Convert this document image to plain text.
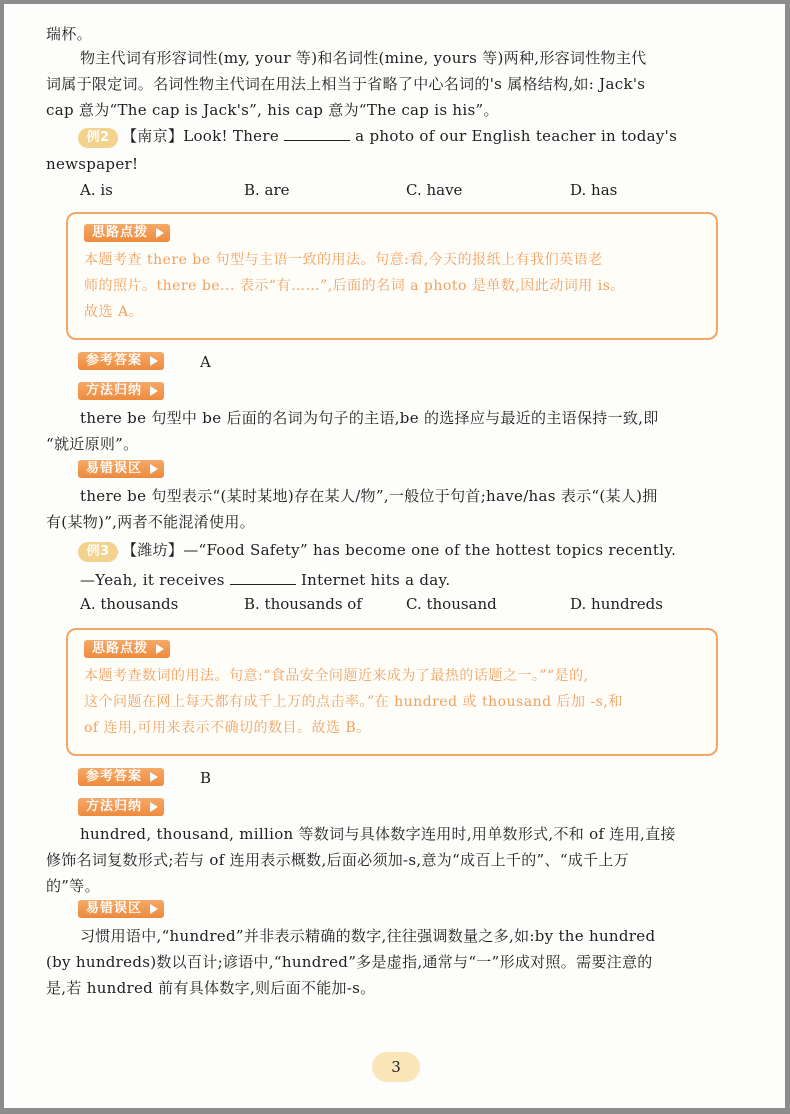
瑞杯。
物主代词有形容词性(my, your 等)和名词性(mine, yours 等)两种,形容词性物主代
词属于限定词。名词性物主代词在用法上相当于省略了中心名词的's 属格结构,如: Jack's
cap 意为“The cap is Jack's”, his cap 意为“The cap is his”。
例2 【南京】Look! There	a photo of our English teacher in today's
newspaper!
A. is	B. are	C. have	D. has
思路点拨
本题考查 there be 句型与主语一致的用法。句意:看,今天的报纸上有我们英语老
师的照片。there be... 表示“有……”,后面的名词 a photo 是单数,因此动词用 is。
故选 A。
参考答案	A
方法归纳
there be 句型中 be 后面的名词为句子的主语,be 的选择应与最近的主语保持一致,即
“就近原则”。
易错误区
there be 句型表示“(某时某地)存在某人/物”,一般位于句首;have/has 表示“(某人)拥
有(某物)”,两者不能混淆使用。
例3 【潍坊】—“Food Safety” has become one of the hottest topics recently.
—Yeah, it receives	Internet hits a day.
A. thousands	B. thousands of	C. thousand	D. hundreds
思路点拨
本题考查数词的用法。句意:“食品安全问题近来成为了最热的话题之一。”“是的,
这个问题在网上每天都有成千上万的点击率。”在 hundred 或 thousand 后加 -s,和
of 连用,可用来表示不确切的数目。故选 B。
参考答案	B
方法归纳
hundred, thousand, million 等数词与具体数字连用时,用单数形式,不和 of 连用,直接
修饰名词复数形式;若与 of 连用表示概数,后面必须加-s,意为“成百上千的”、“成千上万
的”等。
易错误区
习惯用语中,“hundred”并非表示精确的数字,往往强调数量之多,如:by the hundred
(by hundreds)数以百计;谚语中,“hundred”多是虚指,通常与“一”形成对照。需要注意的
是,若 hundred 前有具体数字,则后面不能加-s。
3
